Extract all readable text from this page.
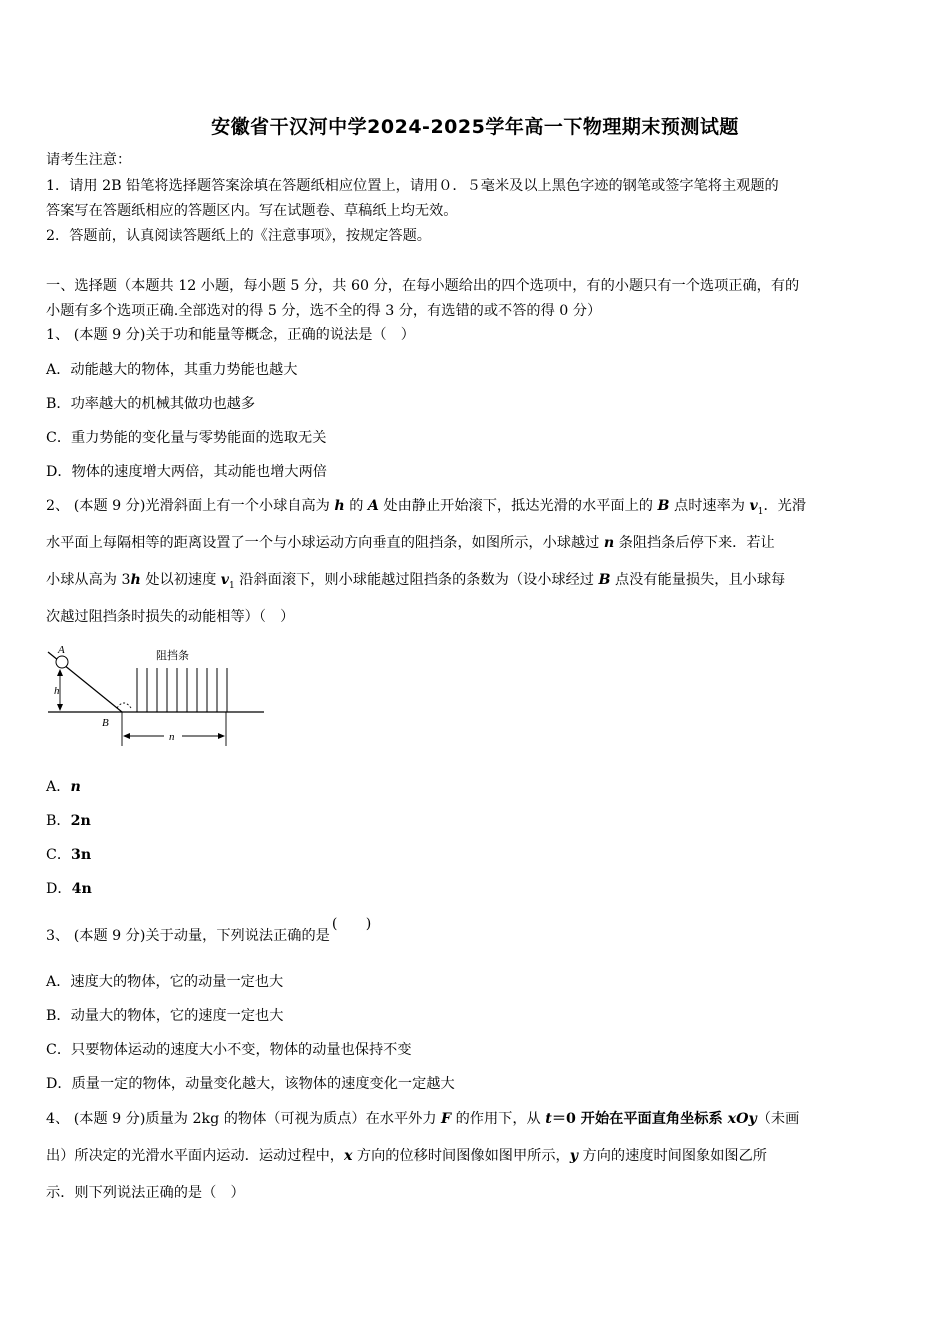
安徽省干汉河中学2024-2025学年高一下物理期末预测试题
请考生注意：
1．请用 2B 铅笔将选择题答案涂填在答题纸相应位置上，请用０．５毫米及以上黑色字迹的钢笔或签字笔将主观题的
答案写在答题纸相应的答题区内。写在试题卷、草稿纸上均无效。
2．答题前，认真阅读答题纸上的《注意事项》，按规定答题。
一、选择题（本题共 12 小题，每小题 5 分，共 60 分，在每小题给出的四个选项中，有的小题只有一个选项正确，有的
小题有多个选项正确.全部选对的得 5 分，选不全的得 3 分，有选错的或不答的得 0 分）
1、 (本题 9 分)关于功和能量等概念，正确的说法是（　）
A．动能越大的物体，其重力势能也越大
B．功率越大的机械其做功也越多
C．重力势能的变化量与零势能面的选取无关
D．物体的速度增大两倍，其动能也增大两倍
2、 (本题 9 分)光滑斜面上有一个小球自高为 h 的 A 处由静止开始滚下，抵达光滑的水平面上的 B 点时速率为 $v_1$．光滑
水平面上每隔相等的距离设置了一个与小球运动方向垂直的阻挡条，如图所示，小球越过 n 条阻挡条后停下来．若让
小球从高为 3h 处以初速度 $v_1$ 沿斜面滚下，则小球能越过阻挡条的条数为（设小球经过 B 点没有能量损失，且小球每
次越过阻挡条时损失的动能相等）（　）
A
h
B
n
阻挡条
A．n
B．2n
C．3n
D．4n
3、 (本题 9 分)关于动量，下列说法正确的是(　　)
A．速度大的物体，它的动量一定也大
B．动量大的物体，它的速度一定也大
C．只要物体运动的速度大小不变，物体的动量也保持不变
D．质量一定的物体，动量变化越大，该物体的速度变化一定越大
4、 (本题 9 分)质量为 2kg 的物体（可视为质点）在水平外力 F 的作用下，从 t＝0 开始在平面直角坐标系 xOy（未画
出）所决定的光滑水平面内运动．运动过程中，x 方向的位移时间图像如图甲所示，y 方向的速度时间图象如图乙所
示．则下列说法正确的是（　）
